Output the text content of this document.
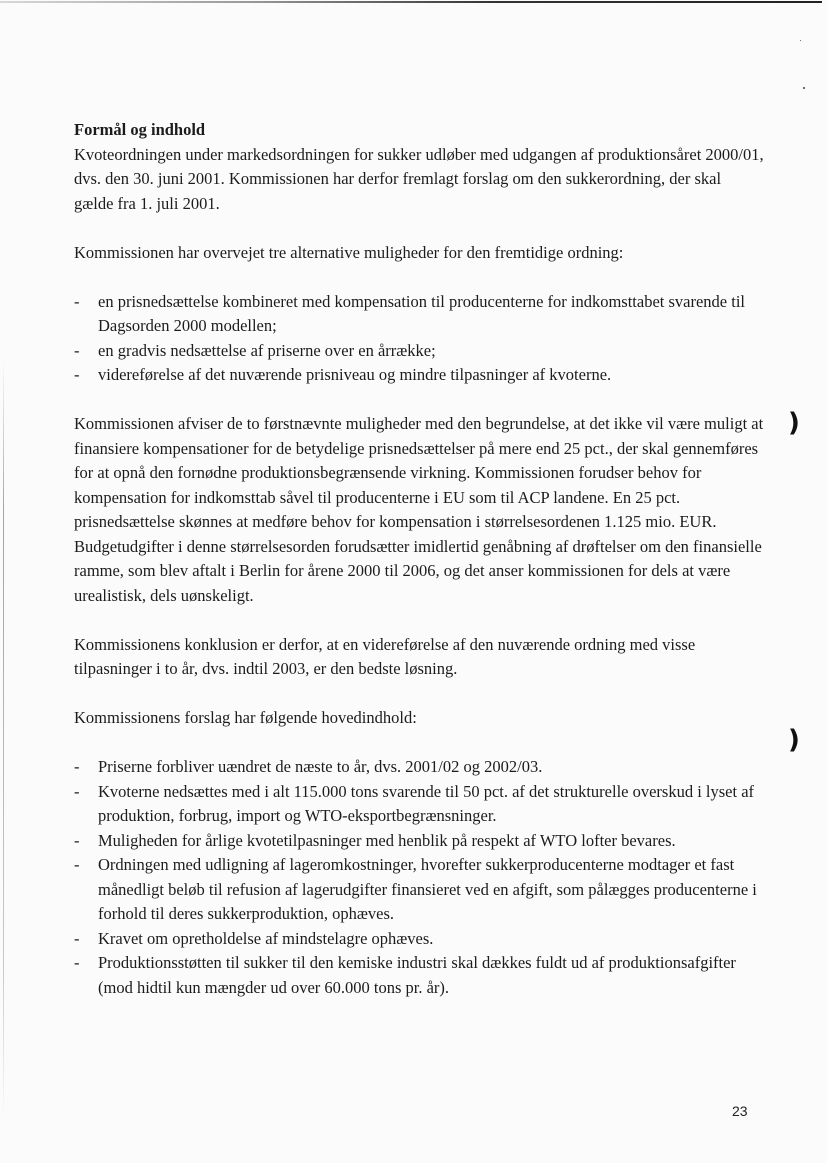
)
)

Formål og indhold

Kvoteordningen under markedsordningen for sukker udløber med udgangen af produktionsåret 2000/01, dvs. den 30. juni 2001. Kommissionen har derfor fremlagt forslag om den sukkerordning, der skal gælde fra 1. juli 2001.

Kommissionen har overvejet tre alternative muligheder for den fremtidige ordning:

- en prisnedsættelse kombineret med kompensation til producenterne for indkomsttabet svarende til Dagsorden 2000 modellen;
- en gradvis nedsættelse af priserne over en årrække;
- videreførelse af det nuværende prisniveau og mindre tilpasninger af kvoterne.

Kommissionen afviser de to førstnævnte muligheder med den begrundelse, at det ikke vil være muligt at finansiere kompensationer for de betydelige prisnedsættelser på mere end 25 pct., der skal gennemføres for at opnå den fornødne produktionsbegrænsende virkning. Kommissionen forudser behov for kompensation for indkomsttab såvel til producenterne i EU som til ACP landene. En 25 pct. prisnedsættelse skønnes at medføre behov for kompensation i størrelsesordenen 1.125 mio. EUR. Budgetudgifter i denne størrelsesorden forudsætter imidlertid genåbning af drøftelser om den finansielle ramme, som blev aftalt i Berlin for årene 2000 til 2006, og det anser kommissionen for dels at være urealistisk, dels uønskeligt.

Kommissionens konklusion er derfor, at en videreførelse af den nuværende ordning med visse tilpasninger i to år, dvs. indtil 2003, er den bedste løsning.

Kommissionens forslag har følgende hovedindhold:

- Priserne forbliver uændret de næste to år, dvs. 2001/02 og 2002/03.
- Kvoterne nedsættes med i alt 115.000 tons svarende til 50 pct. af det strukturelle overskud i lyset af produktion, forbrug, import og WTO-eksportbegrænsninger.
- Muligheden for årlige kvotetilpasninger med henblik på respekt af WTO lofter bevares.
- Ordningen med udligning af lageromkostninger, hvorefter sukkerproducenterne modtager et fast månedligt beløb til refusion af lagerudgifter finansieret ved en afgift, som pålægges producenterne i forhold til deres sukkerproduktion, ophæves.
- Kravet om opretholdelse af mindstelagre ophæves.
- Produktionsstøtten til sukker til den kemiske industri skal dækkes fuldt ud af produktionsafgifter (mod hidtil kun mængder ud over 60.000 tons pr. år).
23
